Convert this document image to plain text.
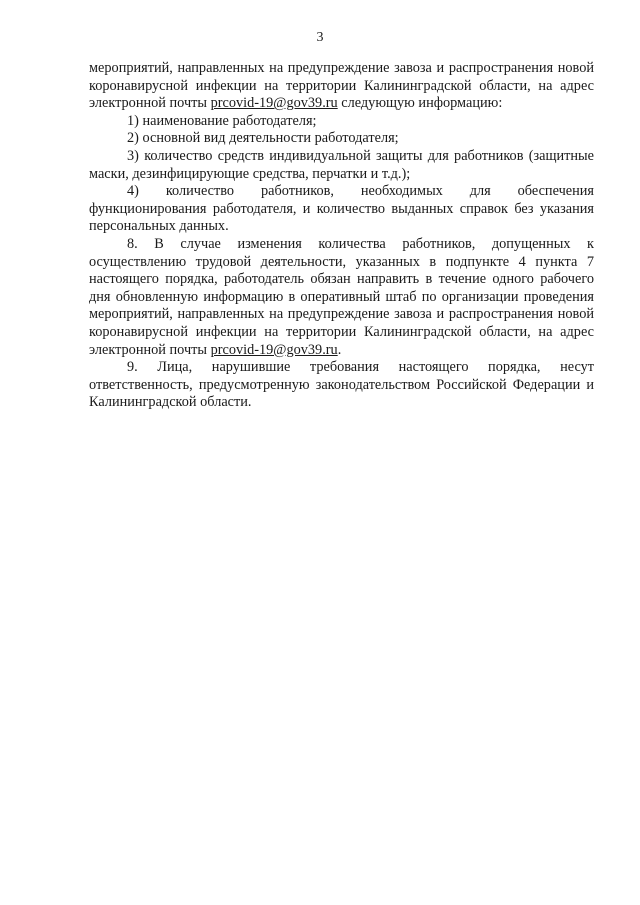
3

мероприятий, направленных на предупреждение завоза и распространения новой коронавирусной инфекции на территории Калининградской области, на адрес электронной почты prcovid-19@gov39.ru следующую информацию:

1) наименование работодателя;

2) основной вид деятельности работодателя;

3) количество средств индивидуальной защиты для работников (защитные маски, дезинфицирующие средства, перчатки и т.д.);

4) количество работников, необходимых для обеспечения функционирования работодателя, и количество выданных справок без указания персональных данных.

8. В случае изменения количества работников, допущенных к осуществлению трудовой деятельности, указанных в подпункте 4 пункта 7 настоящего порядка, работодатель обязан направить в течение одного рабочего дня обновленную информацию в оперативный штаб по организации проведения мероприятий, направленных на предупреждение завоза и распространения новой коронавирусной инфекции на территории Калининградской области, на адрес электронной почты prcovid-19@gov39.ru.

9. Лица, нарушившие требования настоящего порядка, несут ответственность, предусмотренную законодательством Российской Федерации и Калининградской области.
